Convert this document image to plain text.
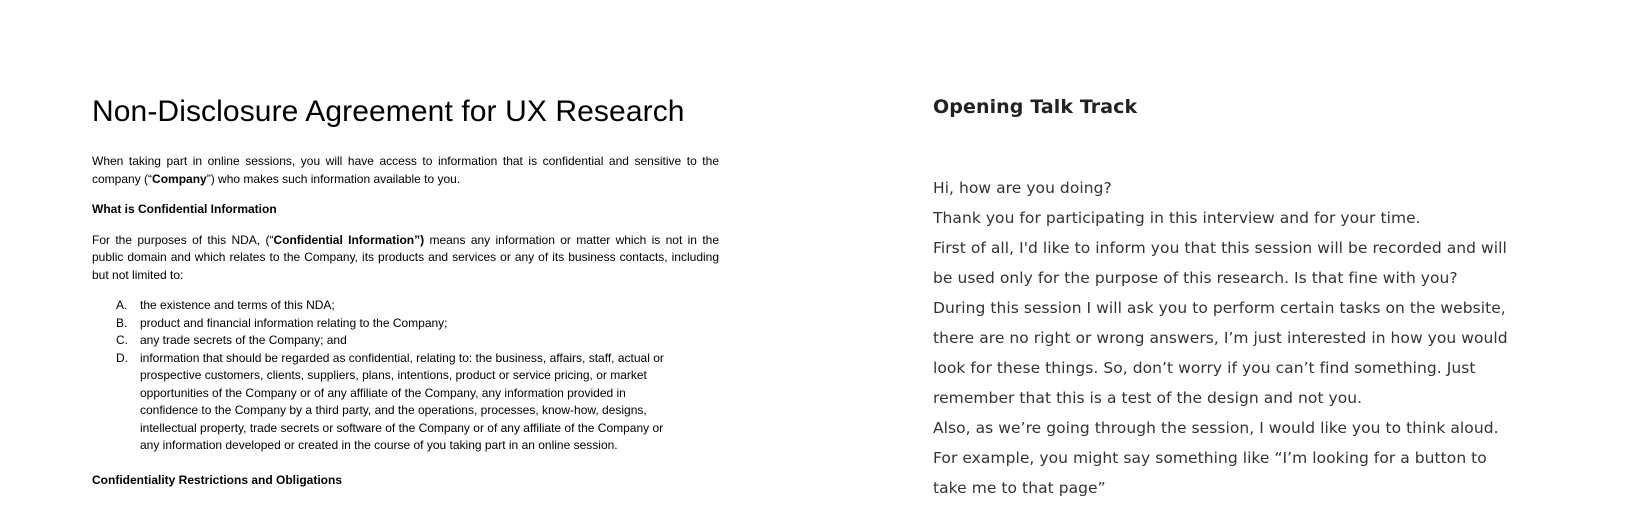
Non-Disclosure Agreement for UX Research

When taking part in online sessions, you will have access to information that is confidential and sensitive to the company (“Company”) who makes such information available to you.

What is Confidential Information

For the purposes of this NDA, (“Confidential Information”) means any information or matter which is not in the public domain and which relates to the Company, its products and services or any of its business contacts, including but not limited to:

A. the existence and terms of this NDA;
B. product and financial information relating to the Company;
C. any trade secrets of the Company; and
D. information that should be regarded as confidential, relating to: the business, affairs, staff, actual or prospective customers, clients, suppliers, plans, intentions, product or service pricing, or market opportunities of the Company or of any affiliate of the Company, any information provided in confidence to the Company by a third party, and the operations, processes, know-how, designs, intellectual property, trade secrets or software of the Company or of any affiliate of the Company or any information developed or created in the course of you taking part in an online session.

Confidentiality Restrictions and Obligations

Opening Talk Track

Hi, how are you doing?

Thank you for participating in this interview and for your time.

First of all, I'd like to inform you that this session will be recorded and will

be used only for the purpose of this research. Is that fine with you?

During this session I will ask you to perform certain tasks on the website,

there are no right or wrong answers, I’m just interested in how you would

look for these things. So, don’t worry if you can’t find something. Just

remember that this is a test of the design and not you.

Also, as we’re going through the session, I would like you to think aloud.

For example, you might say something like “I’m looking for a button to

take me to that page”
